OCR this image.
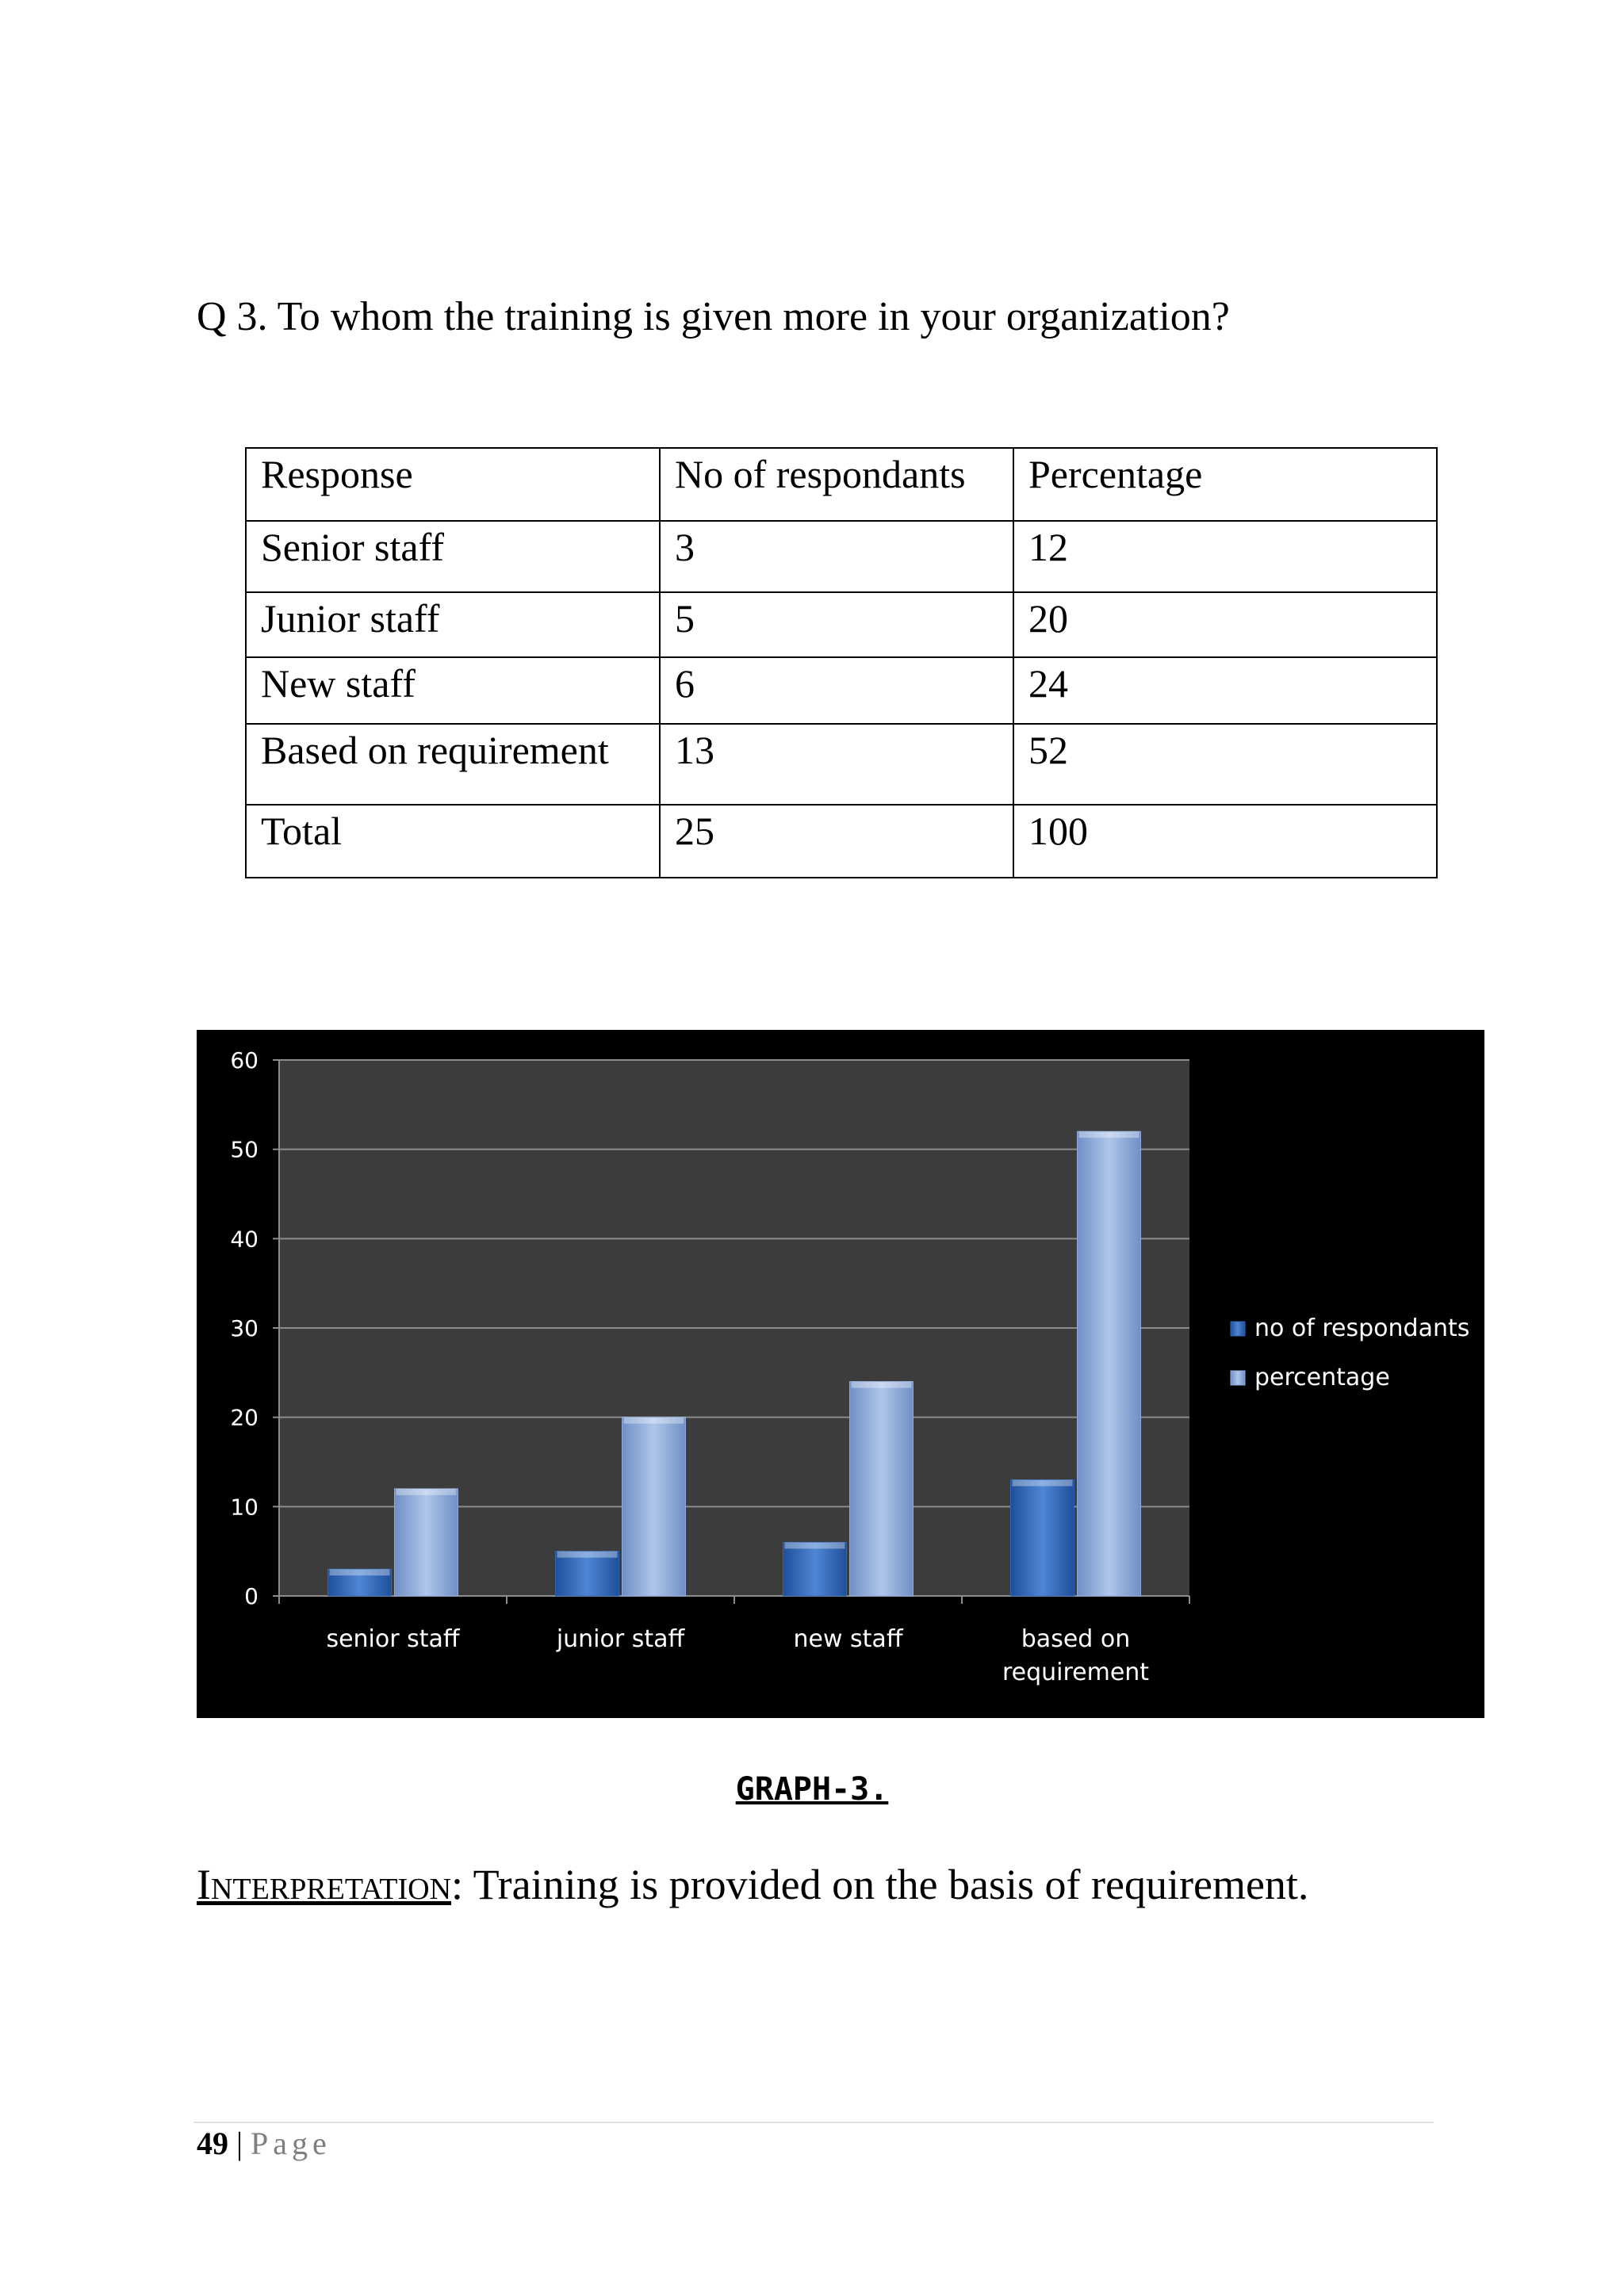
Q 3. To whom the training is given more in your organization?
Response	No of respondants	Percentage
Senior staff	3	12
Junior staff	5	20
New staff	6	24
Based on requirement	13	52
Total	25	100
0
10
20
30
40
50
60
senior staff	junior staff	new staff	based on
requirement
no of respondants
percentage
GRAPH-3.
Interpretation: Training is provided on the basis of requirement.
49 | Page
